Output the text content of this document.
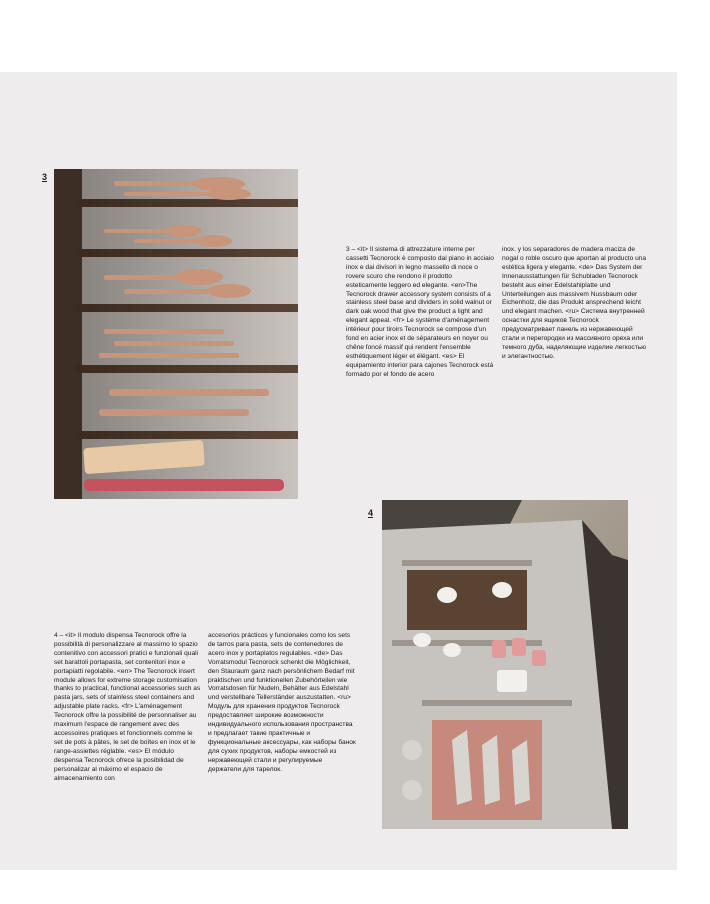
3

3 – <it> Il sistema di attrezzature interne per cassetti Tecnorock è composto dal piano in acciaio inox e dai divisori in legno massello di noce o rovere scuro che rendono il prodotto esteticamente leggero ed elegante. <en>The Tecnorock drawer accessory system consists of a stainless steel base and dividers in solid walnut or dark oak wood that give the product a light and elegant appeal. <fr> Le système d'aménagement intérieur pour tiroirs Tecnorock se compose d'un fond en acier inox et de séparateurs en noyer ou chêne foncé massif qui rendent l'ensemble esthétiquement léger et élégant. <es> El equipamiento interior para cajones Tecnorock está formado por el fondo de acero

inox. y los separadores de madera maciza de nogal o roble oscuro que aportan al producto una estética ligera y elegante. <de> Das System der Innenausstattungen für Schubladen Tecnorock besteht aus einer Edelstahlplatte und Unterteilungen aus massivem Nussbaum oder Eichenholz, die das Produkt ansprechend leicht und elegant machen. <ru> Система внутренней оснастки для ящиков Tecnorock предусматривает панель из нержавеющей стали и перегородки из массивного ореха или темного дуба, наделяющие изделие легкостью и элегантностью.

4

4 – <it> Il modulo dispensa Tecnorock offre la possibilità di personalizzare al massimo lo spazio contenitivo con accessori pratici e funzionali quali set barattoli portapasta, set contenitori inox e portapiatti regolabile. <en> The Tecnorock insert module allows for extreme storage customisation thanks to practical, functional accessories such as pasta jars, sets of stainless steel containers and adjustable plate racks. <fr> L'aménagement Tecnorock offre la possibilité de personnaliser au maximum l'espace de rangement avec des accessoires pratiques et fonctionnels comme le set de pots à pâtes, le set de boîtes en inox et le range-assiettes réglable. <es> El módulo despensa Tecnorock ofrece la posibilidad de personalizar al máximo el espacio de almacenamiento con

accesorios prácticos y funcionales como los sets de tarros para pasta, sets de contenedores de acero inox y portaplatos regulables. <de> Das Vorratsmodul Tecnorock schenkt die Möglichkeit, den Stauraum ganz nach persönlichem Bedarf mit praktischen und funktionellen Zubehörteilen wie Vorratsdosen für Nudeln, Behälter aus Edelstahl und verstellbare Tellerständer auszustatten. <ru> Модуль для хранения продуктов Tecnorock предоставляет широкие возможности индивидуального использования пространства и предлагает такие практичные и функциональные аксессуары, как наборы банок для сухих продуктов, наборы емкостей из нержавеющей стали и регулируемые держатели для тарелок.
